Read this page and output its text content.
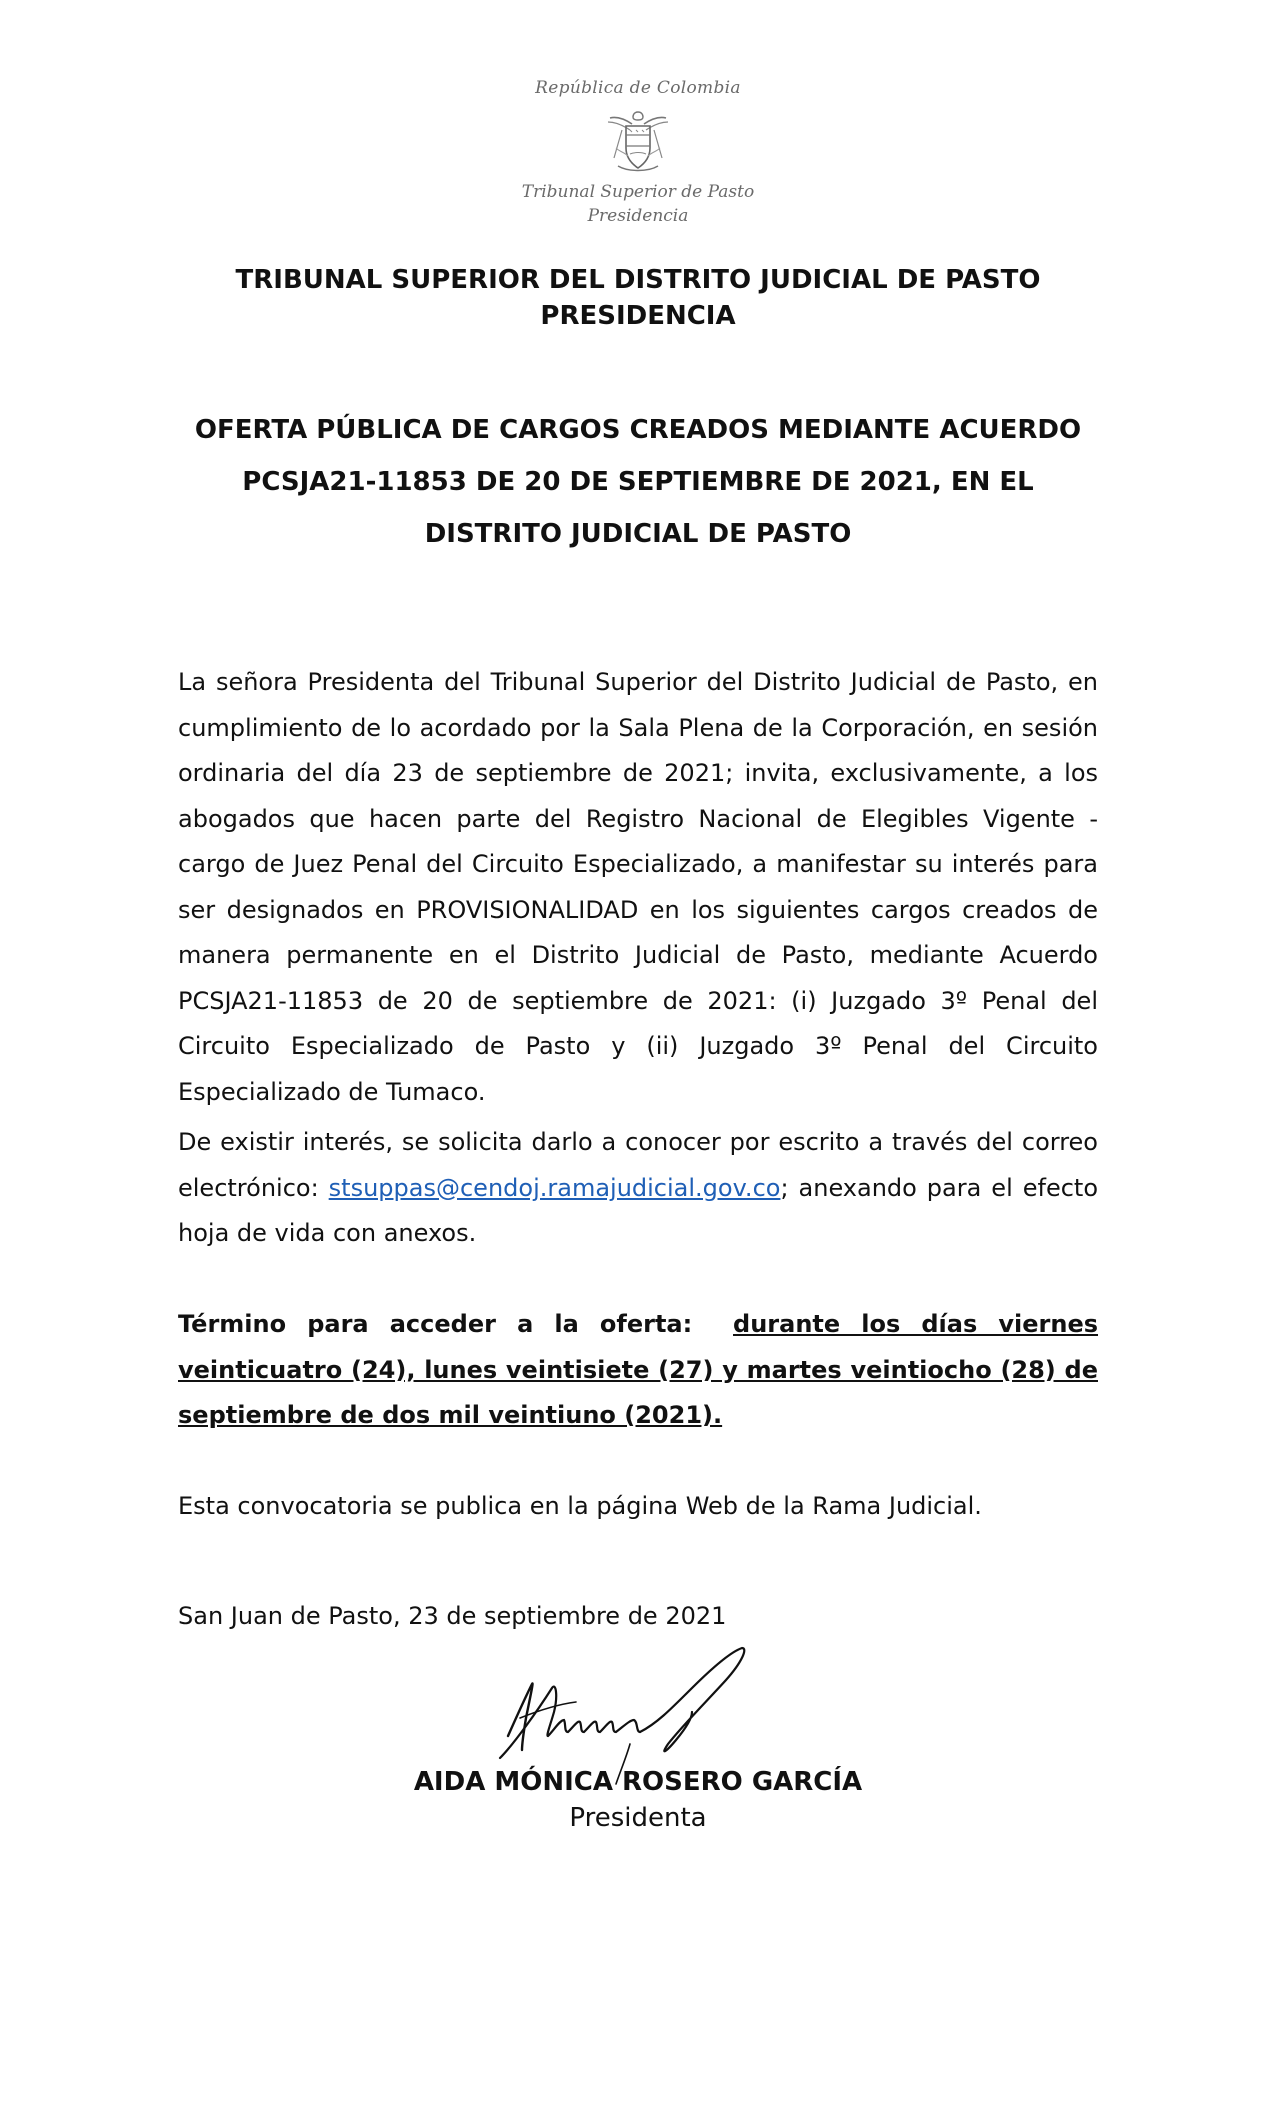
República de Colombia
Tribunal Superior de Pasto
Presidencia
TRIBUNAL SUPERIOR DEL DISTRITO JUDICIAL DE PASTO
PRESIDENCIA
OFERTA PÚBLICA DE CARGOS CREADOS MEDIANTE ACUERDO
PCSJA21-11853 DE 20 DE SEPTIEMBRE DE 2021, EN EL
DISTRITO JUDICIAL DE PASTO
La señora Presidenta del Tribunal Superior del Distrito Judicial de Pasto, en cumplimiento de lo acordado por la Sala Plena de la Corporación, en sesión ordinaria del día 23 de septiembre de 2021; invita, exclusivamente, a los abogados que hacen parte del Registro Nacional de Elegibles Vigente - cargo de Juez Penal del Circuito Especializado, a manifestar su interés para ser designados en PROVISIONALIDAD en los siguientes cargos creados de manera permanente en el Distrito Judicial de Pasto, mediante Acuerdo PCSJA21-11853 de 20 de septiembre de 2021: (i) Juzgado 3º Penal del Circuito Especializado de Pasto y (ii) Juzgado 3º Penal del Circuito Especializado de Tumaco.
De existir interés, se solicita darlo a conocer por escrito a través del correo electrónico: stsuppas@cendoj.ramajudicial.gov.co; anexando para el efecto hoja de vida con anexos.
Término para acceder a la oferta: durante los días viernes veinticuatro (24), lunes veintisiete (27) y martes veintiocho (28) de septiembre de dos mil veintiuno (2021).
Esta convocatoria se publica en la página Web de la Rama Judicial.
San Juan de Pasto, 23 de septiembre de 2021
AIDA MÓNICA ROSERO GARCÍA
Presidenta
